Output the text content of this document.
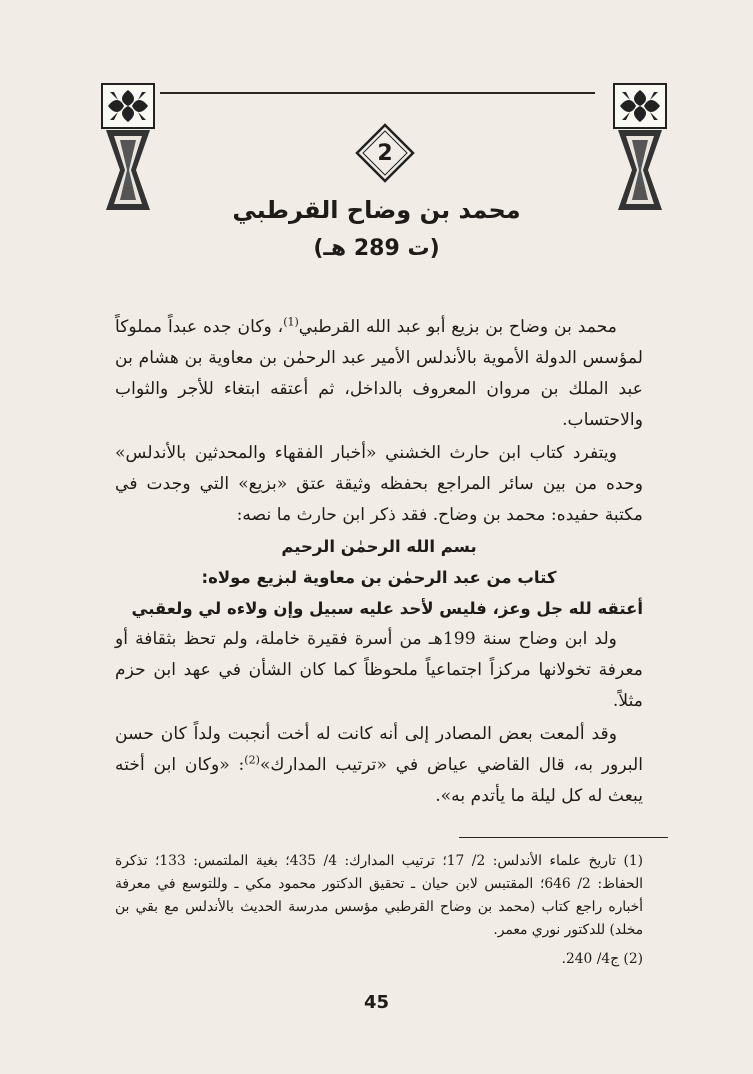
2
محمد بن وضاح القرطبي
(ت 289 هـ)

محمد بن وضاح بن بزيع أبو عبد الله القرطبي$^{(1)}$، وكان جده عبداً مملوكاً لمؤسس الدولة الأموية بالأندلس الأمير عبد الرحمٰن بن معاوية بن هشام بن عبد الملك بن مروان المعروف بالداخل، ثم أعتقه ابتغاء للأجر والثواب والاحتساب.

ويتفرد كتاب ابن حارث الخشني «أخبار الفقهاء والمحدثين بالأندلس» وحده من بين سائر المراجع بحفظه وثيقة عتق «بزيع» التي وجدت في مكتبة حفيده: محمد بن وضاح. فقد ذكر ابن حارث ما نصه:

بسم الله الرحمٰن الرحيم

كتاب من عبد الرحمٰن بن معاوية لبزيع مولاه:

أعتقه لله جل وعز، فليس لأحد عليه سبيل وإن ولاءه لي ولعقبي

ولد ابن وضاح سنة 199هـ من أسرة فقيرة خاملة، ولم تحظ بثقافة أو معرفة تخولانها مركزاً اجتماعياً ملحوظاً كما كان الشأن في عهد ابن حزم مثلاً.

وقد ألمعت بعض المصادر إلى أنه كانت له أخت أنجبت ولداً كان حسن البرور به، قال القاضي عياض في «ترتيب المدارك»$^{(2)}$: «وكان ابن أخته يبعث له كل ليلة ما يأتدم به».

(1) تاريخ علماء الأندلس: 2/ 17؛ ترتيب المدارك: 4/ 435؛ بغية الملتمس: 133؛ تذكرة الحفاظ: 2/ 646؛ المقتبس لابن حيان ـ تحقيق الدكتور محمود مكي ـ وللتوسع في معرفة أخباره راجع كتاب (محمد بن وضاح القرطبي مؤسس مدرسة الحديث بالأندلس مع بقي بن مخلد) للدكتور نوري معمر.

(2) ج4/ 240.

45
